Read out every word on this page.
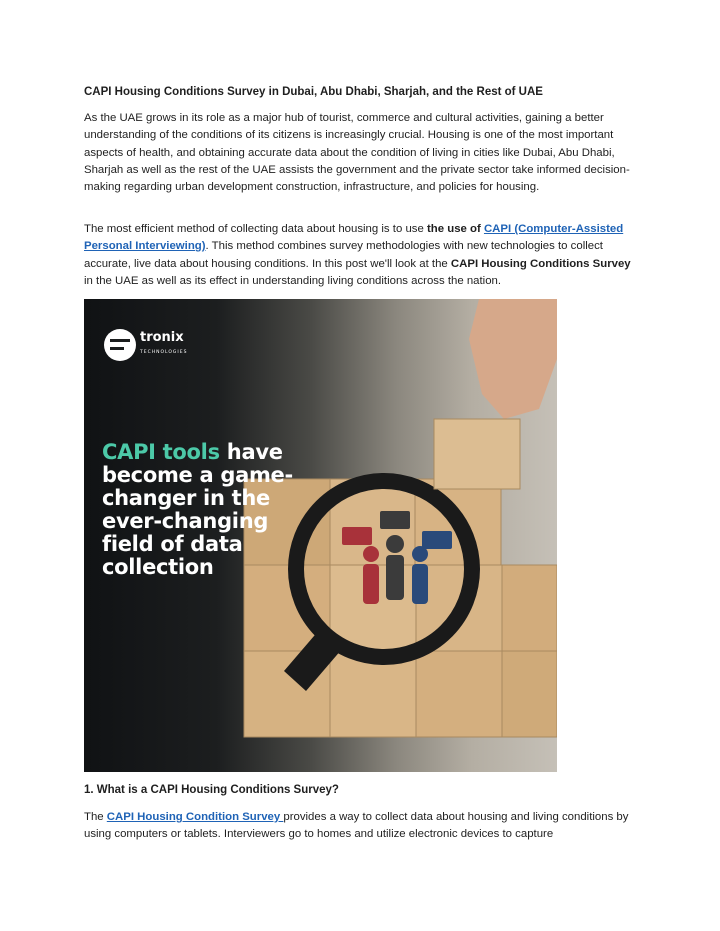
CAPI Housing Conditions Survey in Dubai, Abu Dhabi, Sharjah, and the Rest of UAE

As the UAE grows in its role as a major hub of tourist, commerce and cultural activities, gaining a better understanding of the conditions of its citizens is increasingly crucial. Housing is one of the most important aspects of health, and obtaining accurate data about the condition of living in cities like Dubai, Abu Dhabi, Sharjah as well as the rest of the UAE assists the government and the private sector take informed decision-making regarding urban development construction, infrastructure, and policies for housing.

The most efficient method of collecting data about housing is to use the use of CAPI (Computer-Assisted Personal Interviewing). This method combines survey methodologies with new technologies to collect accurate, live data about housing conditions. In this post we'll look at the CAPI Housing Conditions Survey in the UAE as well as its effect in understanding living conditions across the nation.

tronix
TECHNOLOGIES
CAPI tools have become a game-changer in the ever-changing field of data collection
1. What is a CAPI Housing Conditions Survey?

The CAPI Housing Condition Survey provides a way to collect data about housing and living conditions by using computers or tablets. Interviewers go to homes and utilize electronic devices to capture
